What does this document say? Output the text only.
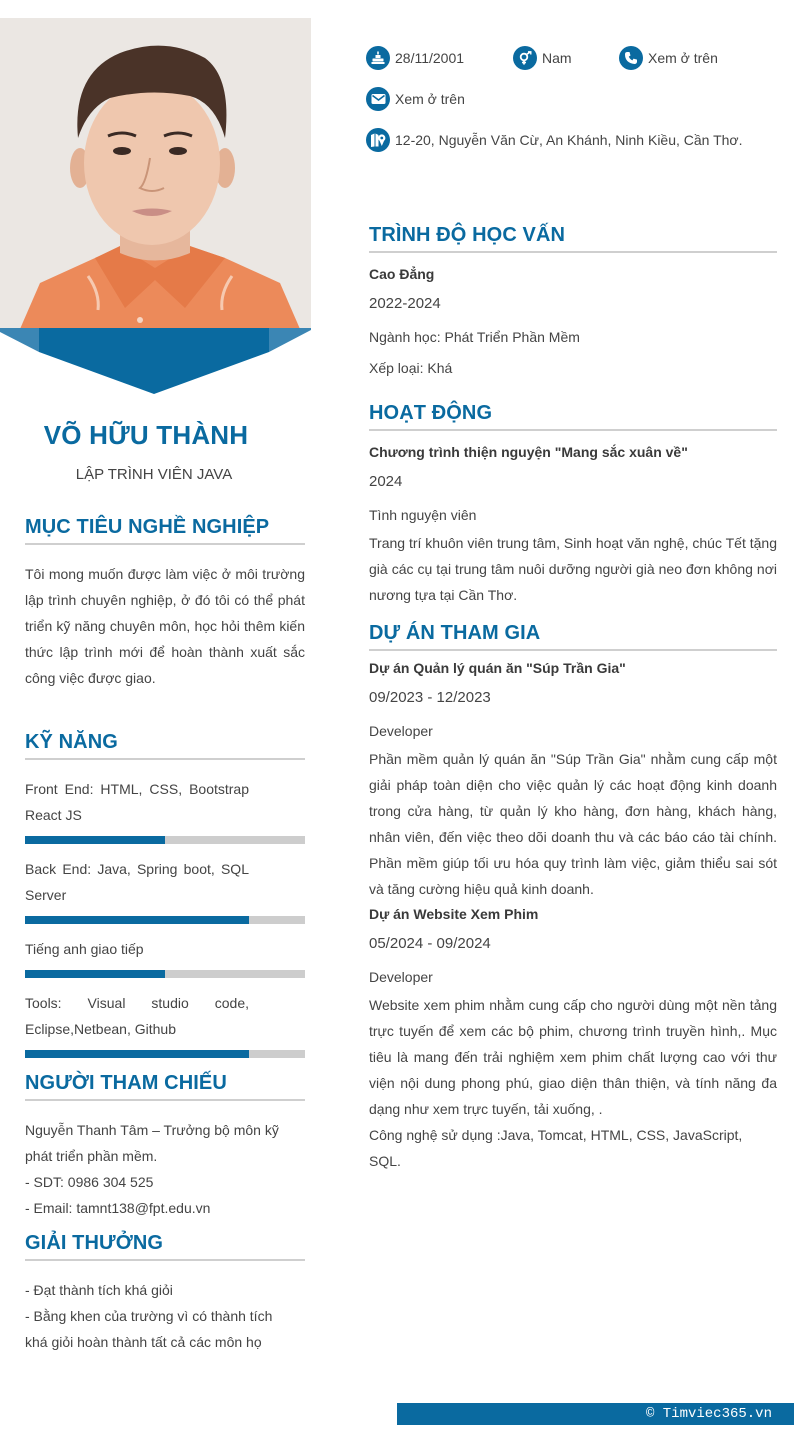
VÕ HỮU THÀNH
LẬP TRÌNH VIÊN JAVA
MỤC TIÊU NGHỀ NGHIỆP
Tôi mong muốn được làm việc ở môi trường lập trình chuyên nghiệp, ở đó tôi có thể phát triển kỹ năng chuyên môn, học hỏi thêm kiến thức lập trình mới để hoàn thành xuất sắc công việc được giao.
KỸ NĂNG
Front End: HTML, CSS, Bootstrap React JS
Back End: Java, Spring boot, SQL Server
Tiếng anh giao tiếp
Tools: Visual studio code,
Eclipse,Netbean, Github
NGƯỜI THAM CHIẾU
Nguyễn Thanh Tâm – Trưởng bộ môn kỹ phát triển phần mềm.
- SDT: 0986 304 525
- Email: tamnt138@fpt.edu.vn
GIẢI THƯỞNG
- Đạt thành tích khá giỏi
- Bằng khen của trường vì có thành tích khá giỏi hoàn thành tất cả các môn họ
28/11/2001	Nam	Xem ở trên
Xem ở trên
12-20, Nguyễn Văn Cừ, An Khánh, Ninh Kiều, Cần Thơ.
TRÌNH ĐỘ HỌC VẤN
Cao Đẳng
2022-2024
Ngành học: Phát Triển Phần Mềm
Xếp loại: Khá
HOẠT ĐỘNG
Chương trình thiện nguyện "Mang sắc xuân về"
2024
Tình nguyện viên
Trang trí khuôn viên trung tâm, Sinh hoạt văn nghệ, chúc Tết tặng già các cụ tại trung tâm nuôi dưỡng người già neo đơn không nơi nương tựa tại Cần Thơ.
DỰ ÁN THAM GIA
Dự án Quản lý quán ăn "Súp Trần Gia"
09/2023 - 12/2023
Developer
Phần mềm quản lý quán ăn "Súp Trần Gia" nhằm cung cấp một giải pháp toàn diện cho việc quản lý các hoạt động kinh doanh trong cửa hàng, từ quản lý kho hàng, đơn hàng, khách hàng, nhân viên, đến việc theo dõi doanh thu và các báo cáo tài chính. Phần mềm giúp tối ưu hóa quy trình làm việc, giảm thiểu sai sót và tăng cường hiệu quả kinh doanh.
Dự án Website Xem Phim
05/2024 - 09/2024
Developer
Website xem phim nhằm cung cấp cho người dùng một nền tảng trực tuyến để xem các bộ phim, chương trình truyền hình,. Mục tiêu là mang đến trải nghiệm xem phim chất lượng cao với thư viện nội dung phong phú, giao diện thân thiện, và tính năng đa dạng như xem trực tuyến, tải xuống, .
Công nghệ sử dụng :Java, Tomcat, HTML, CSS, JavaScript, SQL.
© Timviec365.vn
